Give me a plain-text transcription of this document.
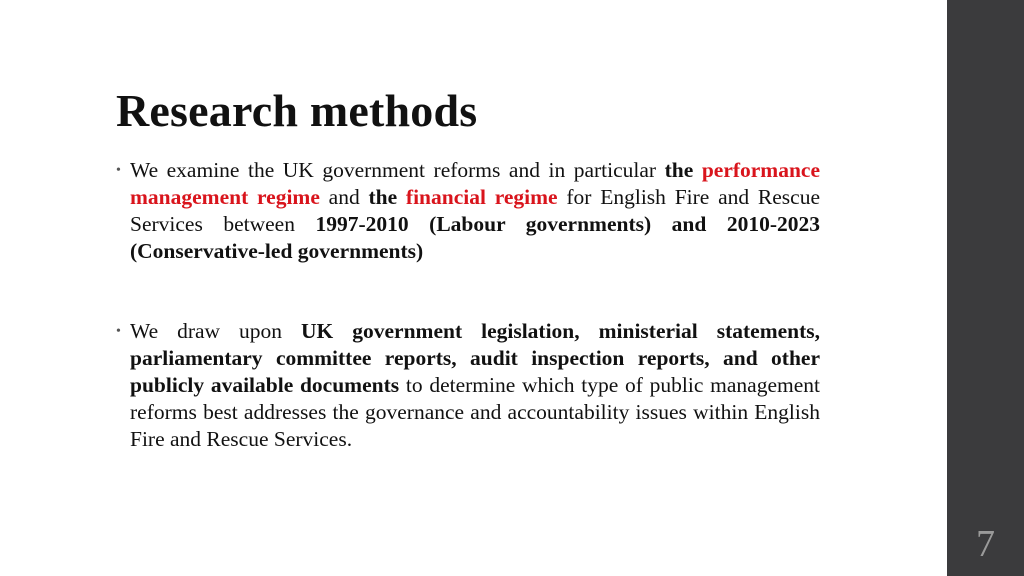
Research methods
• We examine the UK government reforms and in particular the performance management regime and the financial regime for English Fire and Rescue Services between 1997-2010 (Labour governments) and 2010-2023 (Conservative-led governments)
• We draw upon UK government legislation, ministerial statements, parliamentary committee reports, audit inspection reports, and other publicly available documents to determine which type of public management reforms best addresses the governance and accountability issues within English Fire and Rescue Services.
7
